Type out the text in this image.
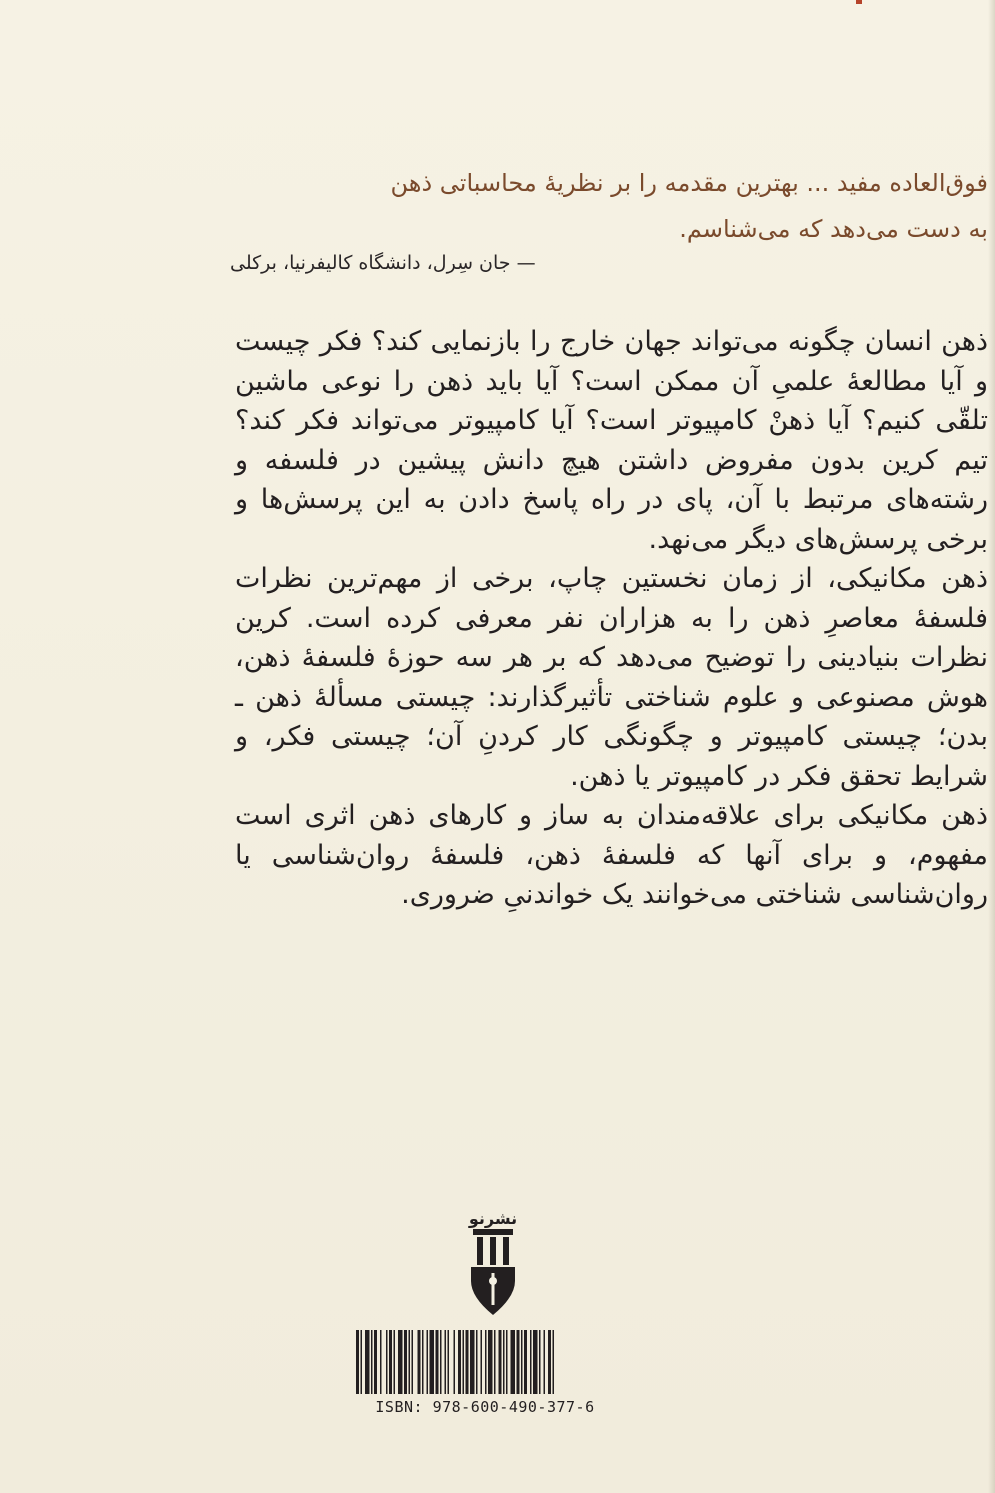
فوق‌العاده مفید ... بهترین مقدمه را بر نظریهٔ محاسباتی ذهن

به دست می‌دهد که می‌شناسم.

— جان سِرل، دانشگاه کالیفرنیا، برکلی

ذهن انسان چگونه می‌تواند جهان خارج را بازنمایی کند؟ فکر چیست و آیا مطالعهٔ علمیِ آن ممکن است؟ آیا باید ذهن را نوعی ماشین تلقّی کنیم؟ آیا ذهنْ کامپیوتر است؟ آیا کامپیوتر می‌تواند فکر کند؟ تیم کرین بدون مفروض داشتن هیچ دانش پیشین در فلسفه و رشته‌های مرتبط با آن، پای در راه پاسخ دادن به این پرسش‌ها و برخی پرسش‌های دیگر می‌نهد.

ذهن مکانیکی، از زمان نخستین چاپ، برخی از مهم‌ترین نظرات فلسفهٔ معاصرِ ذهن را به هزاران نفر معرفی کرده است. کرین نظرات بنیادینی را توضیح می‌دهد که بر هر سه حوزهٔ فلسفهٔ ذهن، هوش مصنوعی و علوم شناختی تأثیرگذارند: چیستی مسألهٔ ذهن ـ بدن؛ چیستی کامپیوتر و چگونگی کار کردنِ آن؛ چیستی فکر، و شرایط تحقق فکر در کامپیوتر یا ذهن.

ذهن مکانیکی برای علاقه‌مندان به ساز و کارهای ذهن اثری است مفهوم، و برای آنها که فلسفهٔ ذهن، فلسفهٔ روان‌شناسی یا روان‌شناسی شناختی می‌خوانند یک خواندنیِ ضروری.

نشرنو
ISBN: 978-600-490-377-6
